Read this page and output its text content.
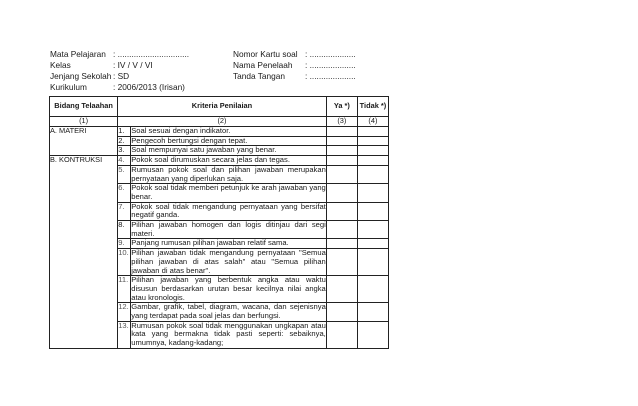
Mata Pelajaran : ...............................
Kelas	: IV / V / VI
Jenjang Sekolah : SD
Kurikulum	: 2006/2013 (Irisan)
Nomor Kartu soal : ....................
Nama Penelaah : ....................
Tanda Tangan : ....................
Bidang Telaahan	Kriteria Penilaian		Ya *)	Tidak *)
(1)	(2)		(3)	(4)
A. MATERI	1.	Soal sesuai dengan indikator.		
	2.	Pengecoh bertungsi dengan tepat.		
	3.	Soal mempunyai satu jawaban yang benar.		
B. KONTRUKSI	4.	Pokok soal dirumuskan secara jelas dan tegas.		
	5.	Rumusan pokok soal dan pilihan jawaban merupakan pernyataan yang diperlukan saja.		
	6.	Pokok soal tidak memberi petunjuk ke arah jawaban yang benar.		
	7.	Pokok soal tidak mengandung pernyataan yang bersifat negatif ganda.		
	8.	Pilihan jawaban homogen dan logis ditinjau dari segi materi.		
	9.	Panjang rumusan pilihan jawaban relatif sama.		
	10.	Pilihan jawaban tidak mengandung pernyataan "Semua pilihan jawaban di atas salah" atau "Semua pilihan jawaban di atas benar".		
	11.	Pilihan jawaban yang berbentuk angka atau waktu disusun berdasarkan urutan besar kecilnya nilai angka atau kronologis.		
	12.	Gambar, grafik, tabel, diagram, wacana, dan sejenisnya yang terdapat pada soal jelas dan berfungsi.		
	13.	Rumusan pokok soal tidak menggunakan ungkapan atau kata yang bermakna tidak pasti seperti: sebaiknya, umumnya, kadang-kadang;		
